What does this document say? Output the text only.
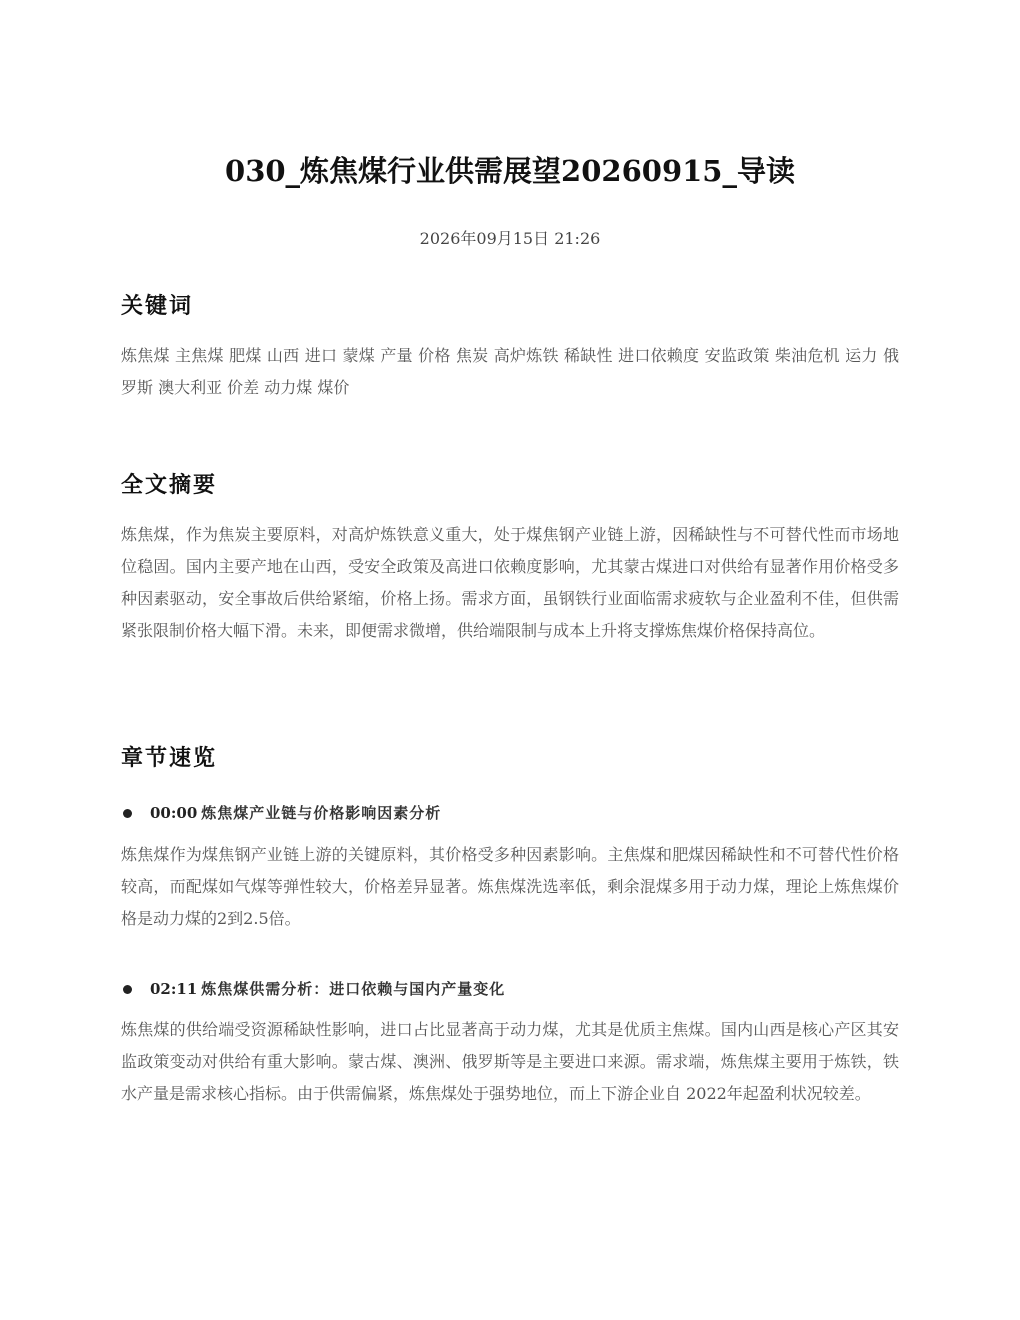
030_炼焦煤行业供需展望20260915_导读
2026年09月15日 21:26
关键词

炼焦煤 主焦煤 肥煤 山西 进口 蒙煤 产量 价格 焦炭 高炉炼铁 稀缺性 进口依赖度 安监政策 柴油危机 运力 俄罗斯 澳大利亚 价差 动力煤 煤价

全文摘要

炼焦煤，作为焦炭主要原料，对高炉炼铁意义重大，处于煤焦钢产业链上游，因稀缺性与不可替代性而市场地位稳固。国内主要产地在山西，受安全政策及高进口依赖度影响，尤其蒙古煤进口对供给有显著作用价格受多种因素驱动，安全事故后供给紧缩，价格上扬。需求方面，虽钢铁行业面临需求疲软与企业盈利不佳，但供需紧张限制价格大幅下滑。未来，即便需求微增，供给端限制与成本上升将支撑炼焦煤价格保持高位。

章节速览
00:00 炼焦煤产业链与价格影响因素分析

炼焦煤作为煤焦钢产业链上游的关键原料，其价格受多种因素影响。主焦煤和肥煤因稀缺性和不可替代性价格较高，而配煤如气煤等弹性较大，价格差异显著。炼焦煤洗选率低，剩余混煤多用于动力煤，理论上炼焦煤价格是动力煤的2到2.5倍。

02:11 炼焦煤供需分析：进口依赖与国内产量变化

炼焦煤的供给端受资源稀缺性影响，进口占比显著高于动力煤，尤其是优质主焦煤。国内山西是核心产区其安监政策变动对供给有重大影响。蒙古煤、澳洲、俄罗斯等是主要进口来源。需求端，炼焦煤主要用于炼铁，铁水产量是需求核心指标。由于供需偏紧，炼焦煤处于强势地位，而上下游企业自 2022年起盈利状况较差。
